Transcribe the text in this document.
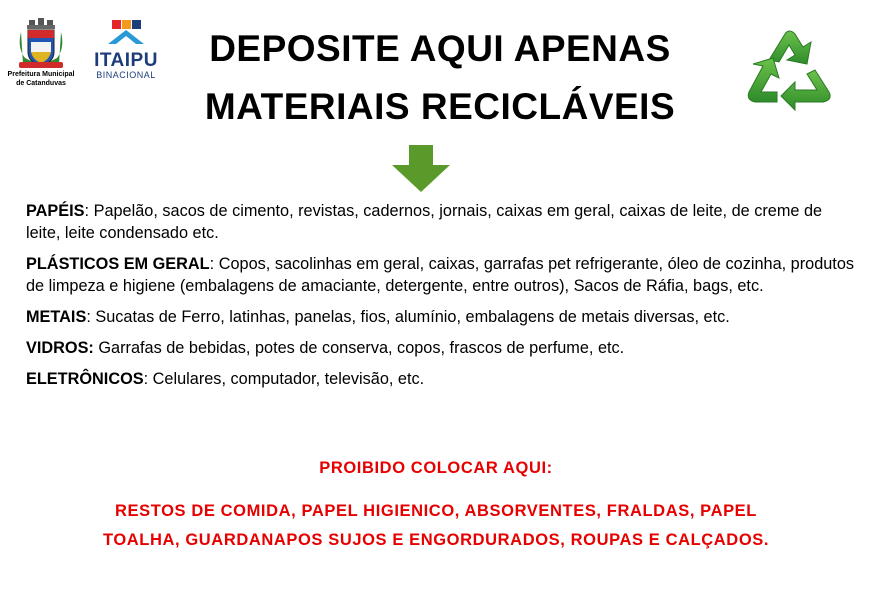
Prefeitura Municipal
de Catanduvas
ITAIPU
BINACIONAL
DEPOSITE AQUI APENAS
MATERIAIS RECICLÁVEIS

PAPÉIS: Papelão, sacos de cimento, revistas, cadernos, jornais, caixas em geral, caixas de leite, de creme de leite, leite condensado etc.

PLÁSTICOS EM GERAL: Copos, sacolinhas em geral, caixas, garrafas pet refrigerante, óleo de cozinha, produtos de limpeza e higiene (embalagens de amaciante, detergente, entre outros), Sacos de Ráfia, bags, etc.

METAIS: Sucatas de Ferro, latinhas, panelas, fios, alumínio, embalagens de metais diversas, etc.

VIDROS: Garrafas de bebidas, potes de conserva, copos, frascos de perfume, etc.

ELETRÔNICOS: Celulares, computador, televisão, etc.

PROIBIDO COLOCAR AQUI:
RESTOS DE COMIDA, PAPEL HIGIENICO, ABSORVENTES, FRALDAS, PAPEL
TOALHA, GUARDANAPOS SUJOS E ENGORDURADOS, ROUPAS E CALÇADOS.
